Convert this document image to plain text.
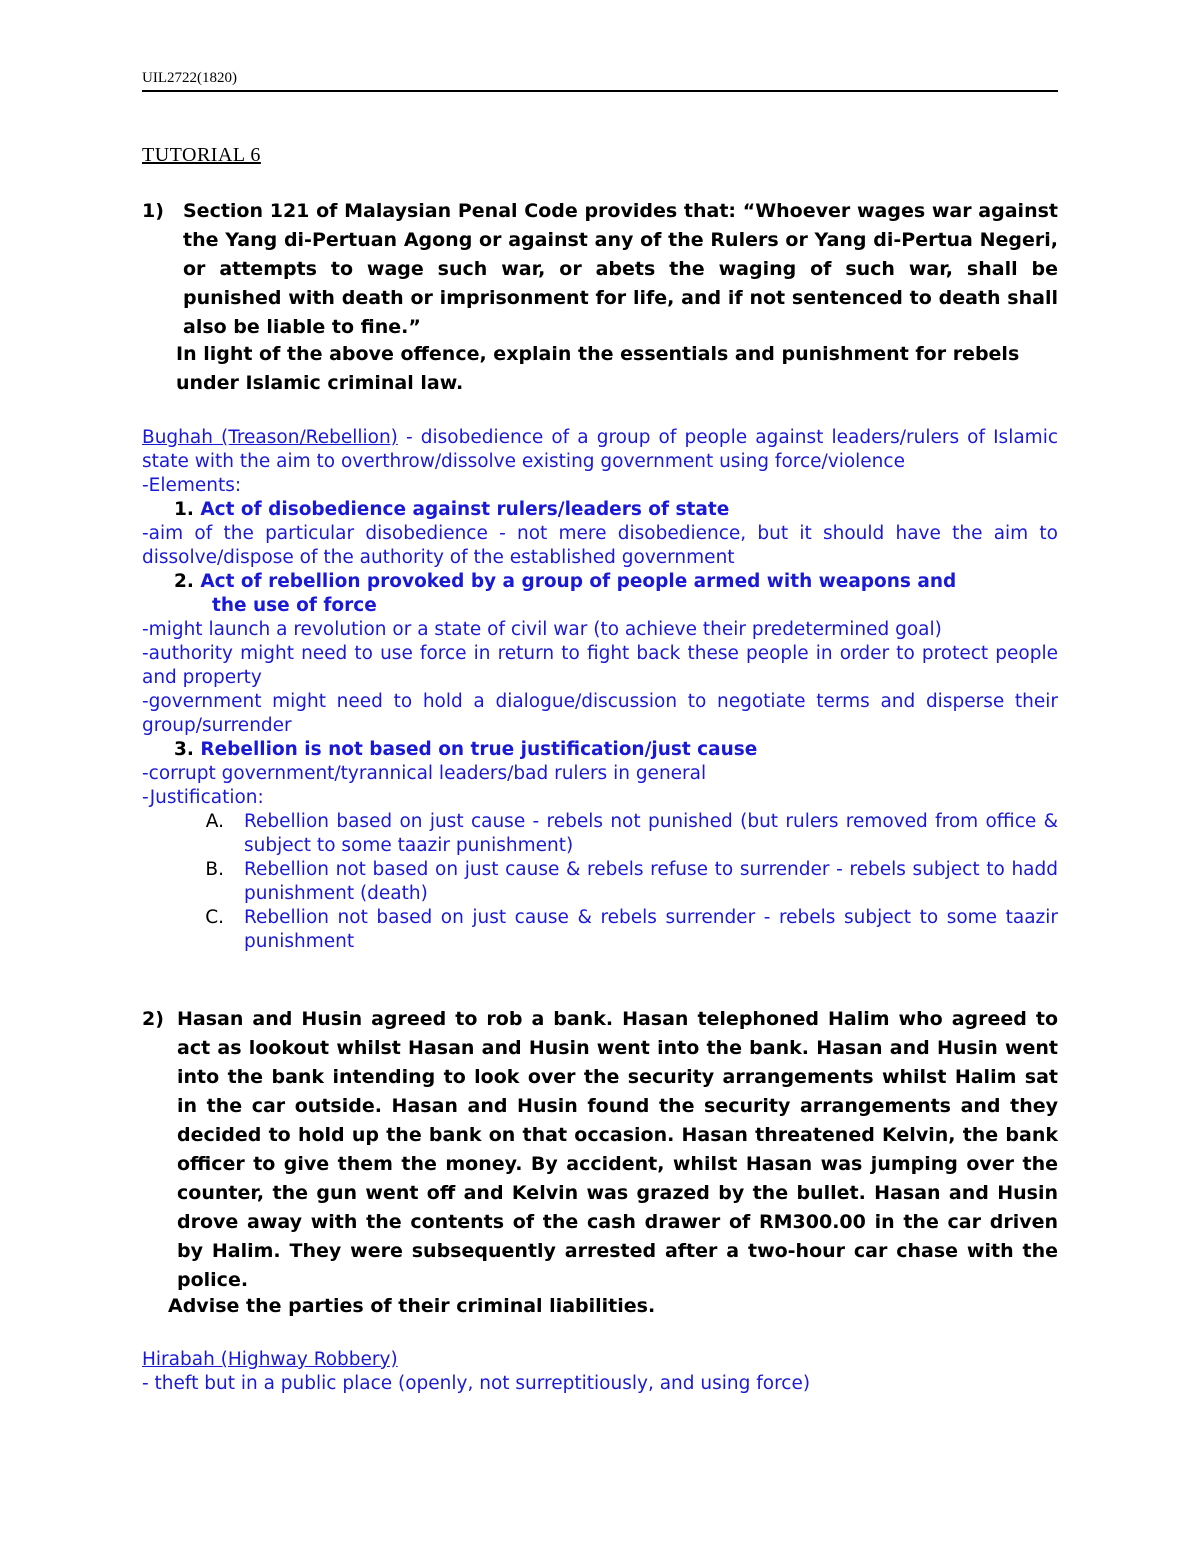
UIL2722(1820)
TUTORIAL 6
1) Section 121 of Malaysian Penal Code provides that: “Whoever wages war against the Yang di-Pertuan Agong or against any of the Rulers or Yang di-Pertua Negeri, or attempts to wage such war, or abets the waging of such war, shall be punished with death or imprisonment for life, and if not sentenced to death shall also be liable to fine.”
In light of the above offence, explain the essentials and punishment for rebels under Islamic criminal law.

Bughah (Treason/Rebellion) - disobedience of a group of people against leaders/rulers of Islamic state with the aim to overthrow/dissolve existing government using force/violence

-Elements:

1. Act of disobedience against rulers/leaders of state

-aim of the particular disobedience - not mere disobedience, but it should have the aim to dissolve/dispose of the authority of the established government

2. Act of rebellion provoked by a group of people armed with weapons and
the use of force

-might launch a revolution or a state of civil war (to achieve their predetermined goal)

-authority might need to use force in return to fight back these people in order to protect people and property

-government might need to hold a dialogue/discussion to negotiate terms and disperse their group/surrender

3. Rebellion is not based on true justification/just cause

-corrupt government/tyrannical leaders/bad rulers in general

-Justification:

A.	Rebellion based on just cause - rebels not punished (but rulers removed from office & subject to some taazir punishment)
B.	Rebellion not based on just cause & rebels refuse to surrender - rebels subject to hadd punishment (death)
C.	Rebellion not based on just cause & rebels surrender - rebels subject to some taazir punishment
2) Hasan and Husin agreed to rob a bank. Hasan telephoned Halim who agreed to act as lookout whilst Hasan and Husin went into the bank. Hasan and Husin went into the bank intending to look over the security arrangements whilst Halim sat in the car outside. Hasan and Husin found the security arrangements and they decided to hold up the bank on that occasion. Hasan threatened Kelvin, the bank officer to give them the money. By accident, whilst Hasan was jumping over the counter, the gun went off and Kelvin was grazed by the bullet. Hasan and Husin drove away with the contents of the cash drawer of RM300.00 in the car driven by Halim. They were subsequently arrested after a two-hour car chase with the police.
Advise the parties of their criminal liabilities.

Hirabah (Highway Robbery)

- theft but in a public place (openly, not surreptitiously, and using force)
